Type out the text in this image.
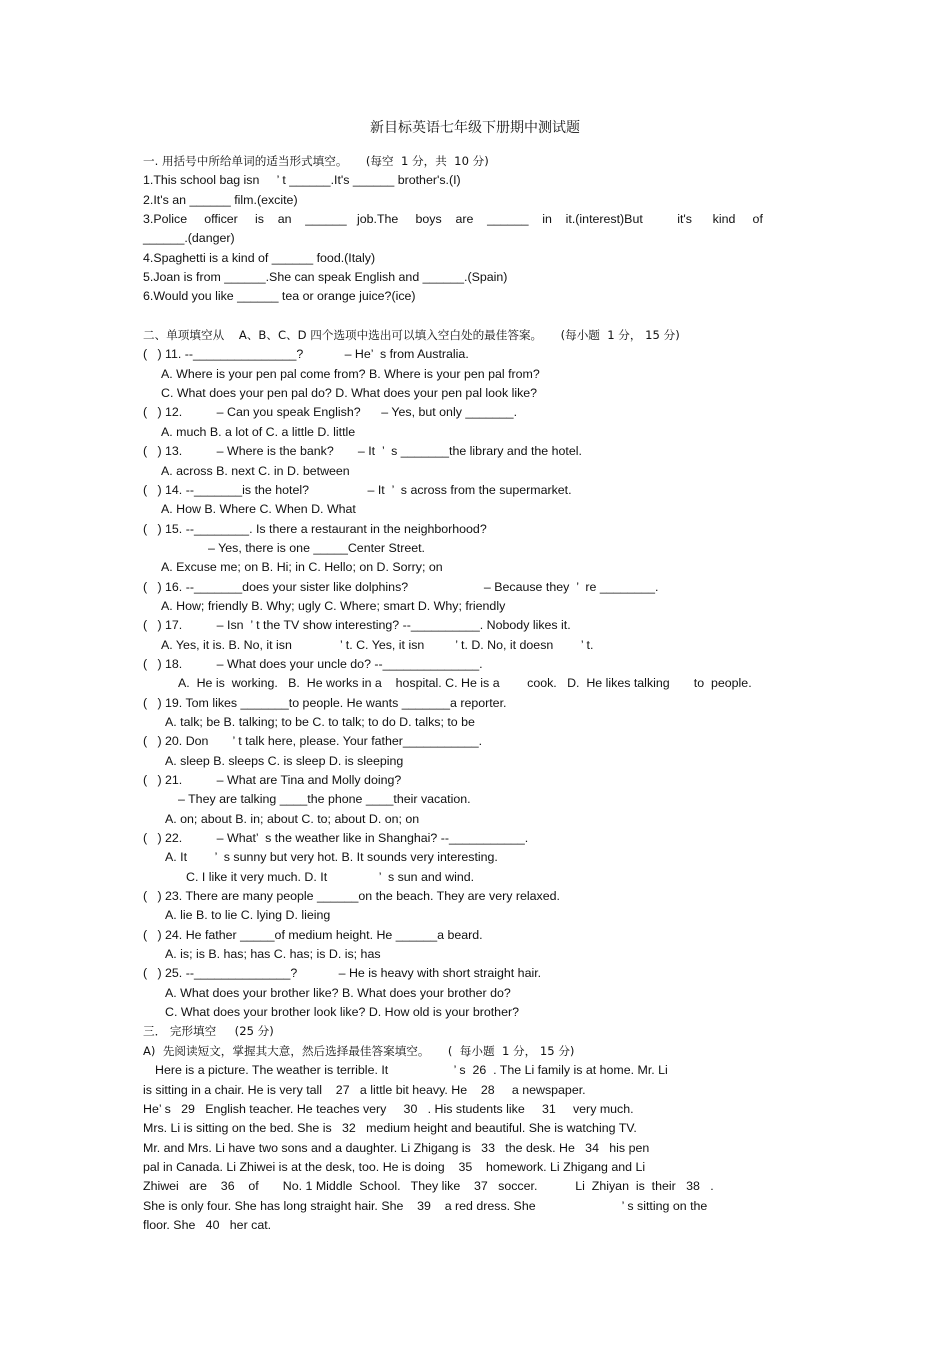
新目标英语七年级下册期中测试题
一. 用括号中所给单词的适当形式填空。     (每空  1 分，共  10 分)
1.This school bag isn     ’ t ______.It's ______ brother's.(I)
2.It's an ______ film.(excite)
3.Police     officer     is    an    ______   job.The     boys    are    ______    in    it.(interest)But          it's      kind     of
______.(danger)
4.Spaghetti is a kind of ______ food.(Italy)
5.Joan is from ______.She can speak English and ______.(Spain)
6.Would you like ______ tea or orange juice?(ice)
二、单项填空从    A、B、C、D 四个选项中选出可以填入空白处的最佳答案。     (每小题  1 分， 15 分)
(   ) 11. --_______________?            – He’  s from Australia.
A. Where is your pen pal come from? B. Where is your pen pal from?
C. What does your pen pal do? D. What does your pen pal look like?
(   ) 12.          – Can you speak English?      – Yes, but only _______.
A. much B. a lot of C. a little D. little
(   ) 13.          – Where is the bank?       – It  ’  s _______the library and the hotel.
A. across B. next C. in D. between
(   ) 14. --_______is the hotel?                 – It  ’  s across from the supermarket.
A. How B. Where C. When D. What
(   ) 15. --________. Is there a restaurant in the neighborhood?
– Yes, there is one _____Center Street.
A. Excuse me; on B. Hi; in C. Hello; on D. Sorry; on
(   ) 16. --_______does your sister like dolphins?                      – Because they  ’  re ________.
A. How; friendly B. Why; ugly C. Where; smart D. Why; friendly
(   ) 17.          – Isn  ’ t the TV show interesting? --__________. Nobody likes it.
A. Yes, it is. B. No, it isn              ’ t. C. Yes, it isn         ’ t. D. No, it doesn        ’ t.
(   ) 18.          – What does your uncle do? --______________.
A.  He is  working.   B.  He works in a    hospital. C. He is a        cook.   D.  He likes talking       to  people.
(   ) 19. Tom likes _______to people. He wants _______a reporter.
A. talk; be B. talking; to be C. to talk; to do D. talks; to be
(   ) 20. Don       ’ t talk here, please. Your father___________.
A. sleep B. sleeps C. is sleep D. is sleeping
(   ) 21.          – What are Tina and Molly doing?
– They are talking ____the phone ____their vacation.
A. on; about B. in; about C. to; about D. on; on
(   ) 22.          – What’  s the weather like in Shanghai? --___________.
A. It        ’  s sunny but very hot. B. It sounds very interesting.
C. I like it very much. D. It               ’  s sun and wind.
(   ) 23. There are many people ______on the beach. They are very relaxed.
A. lie B. to lie C. lying D. lieing
(   ) 24. He father _____of medium height. He ______a beard.
A. is; is B. has; has C. has; is D. is; has
(   ) 25. --______________?            – He is heavy with short straight hair.
A. What does your brother like? B. What does your brother do?
C. What does your brother look like? D. How old is your brother?
三． 完形填空     (25 分)
A)  先阅读短文，掌握其大意，然后选择最佳答案填空。     (  每小题  1 分， 15 分)
Here is a picture. The weather is terrible. It                   ’ s  26  . The Li family is at home. Mr. Li
is sitting in a chair. He is very tall    27   a little bit heavy. He    28     a newspaper.
He’ s   29   English teacher. He teaches very     30   . His students like     31     very much.
Mrs. Li is sitting on the bed. She is   32   medium height and beautiful. She is watching TV.
Mr. and Mrs. Li have two sons and a daughter. Li Zhigang is   33   the desk. He   34   his pen
pal in Canada. Li Zhiwei is at the desk, too. He is doing    35    homework. Li Zhigang and Li
Zhiwei   are    36    of       No. 1 Middle  School.   They like    37   soccer.           Li  Zhiyan  is  their   38   .
She is only four. She has long straight hair. She    39    a red dress. She                         ’ s sitting on the
floor. She   40   her cat.
